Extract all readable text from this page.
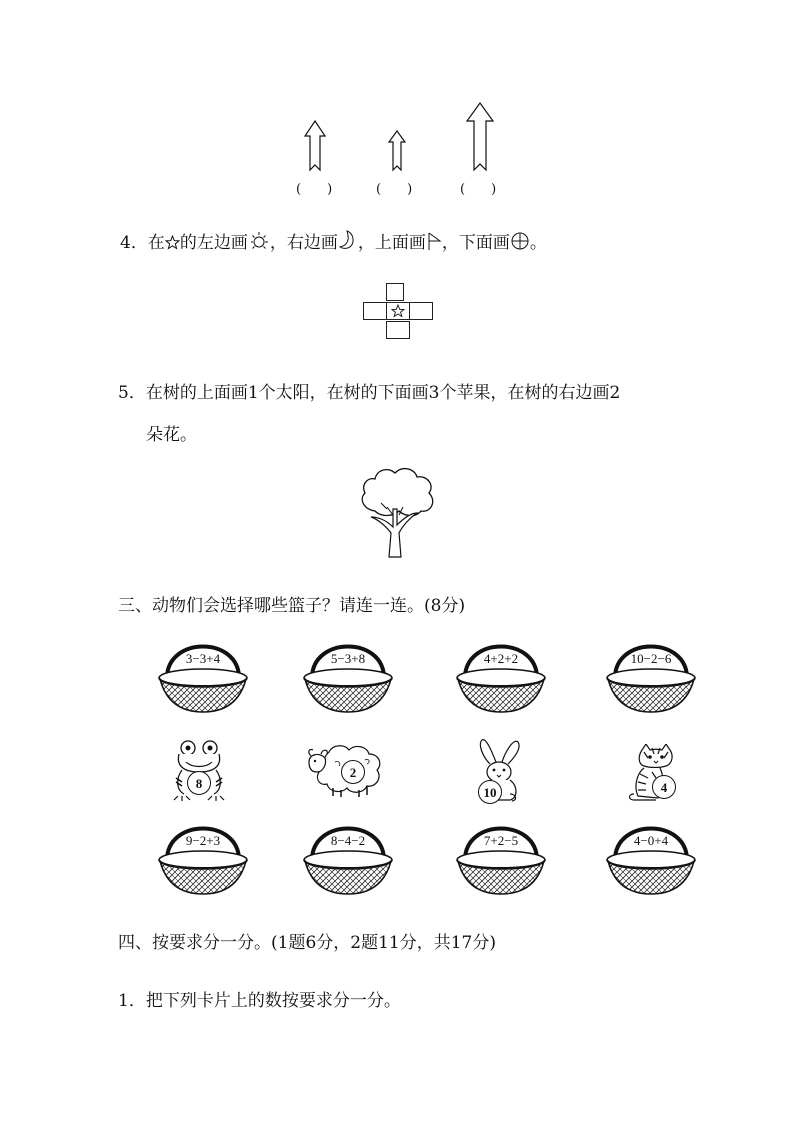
(　　)	(　　)	(　　)
4．在 的左边画 ，右边画 ，上面画 ，下面画 。
5．在树的上面画1个太阳，在树的下面画3个苹果，在树的右边画2
朵花。
三、动物们会选择哪些篮子？请连一连。(8分)
3−3+4	5−3+8	4+2+2	10−2−6
8
2
10	4
9−2+3	8−4−2	7+2−5	4−0+4
四、按要求分一分。(1题6分，2题11分，共17分)
1．把下列卡片上的数按要求分一分。
